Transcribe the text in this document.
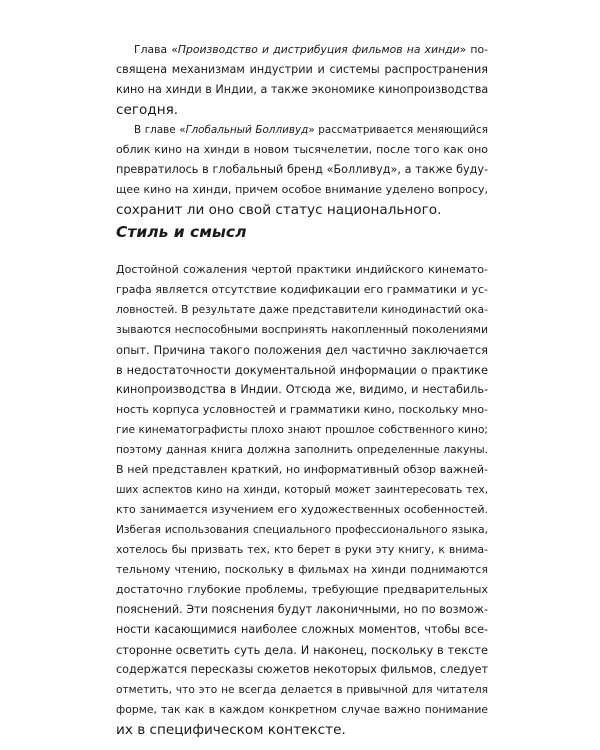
Глава «Производство и дистрибуция фильмов на хинди» по-
священа механизмам индустрии и системы распространения
кино на хинди в Индии, а также экономике кинопроизводства
сегодня.
В главе «Глобальный Болливуд» рассматривается меняющийся
облик кино на хинди в новом тысячелетии, после того как оно
превратилось в глобальный бренд «Болливуд», а также буду-
щее кино на хинди, причем особое внимание уделено вопросу,
сохранит ли оно свой статус национального.
Стиль и смысл
Достойной сожаления чертой практики индийского кинемато-
графа является отсутствие кодификации его грамматики и ус-
ловностей. В результате даже представители кинодинастий ока-
зываются неспособными воспринять накопленный поколениями
опыт. Причина такого положения дел частично заключается
в недостаточности документальной информации о практике
кинопроизводства в Индии. Отсюда же, видимо, и нестабиль-
ность корпуса условностей и грамматики кино, поскольку мно-
гие кинематографисты плохо знают прошлое собственного кино;
поэтому данная книга должна заполнить определенные лакуны.
В ней представлен краткий, но информативный обзор важней-
ших аспектов кино на хинди, который может заинтересовать тех,
кто занимается изучением его художественных особенностей.
Избегая использования специального профессионального языка,
хотелось бы призвать тех, кто берет в руки эту книгу, к внима-
тельному чтению, поскольку в фильмах на хинди поднимаются
достаточно глубокие проблемы, требующие предварительных
пояснений. Эти пояснения будут лаконичными, но по возмож-
ности касающимися наиболее сложных моментов, чтобы все-
сторонне осветить суть дела. И наконец, поскольку в тексте
содержатся пересказы сюжетов некоторых фильмов, следует
отметить, что это не всегда делается в привычной для читателя
форме, так как в каждом конкретном случае важно понимание
их в специфическом контексте.
